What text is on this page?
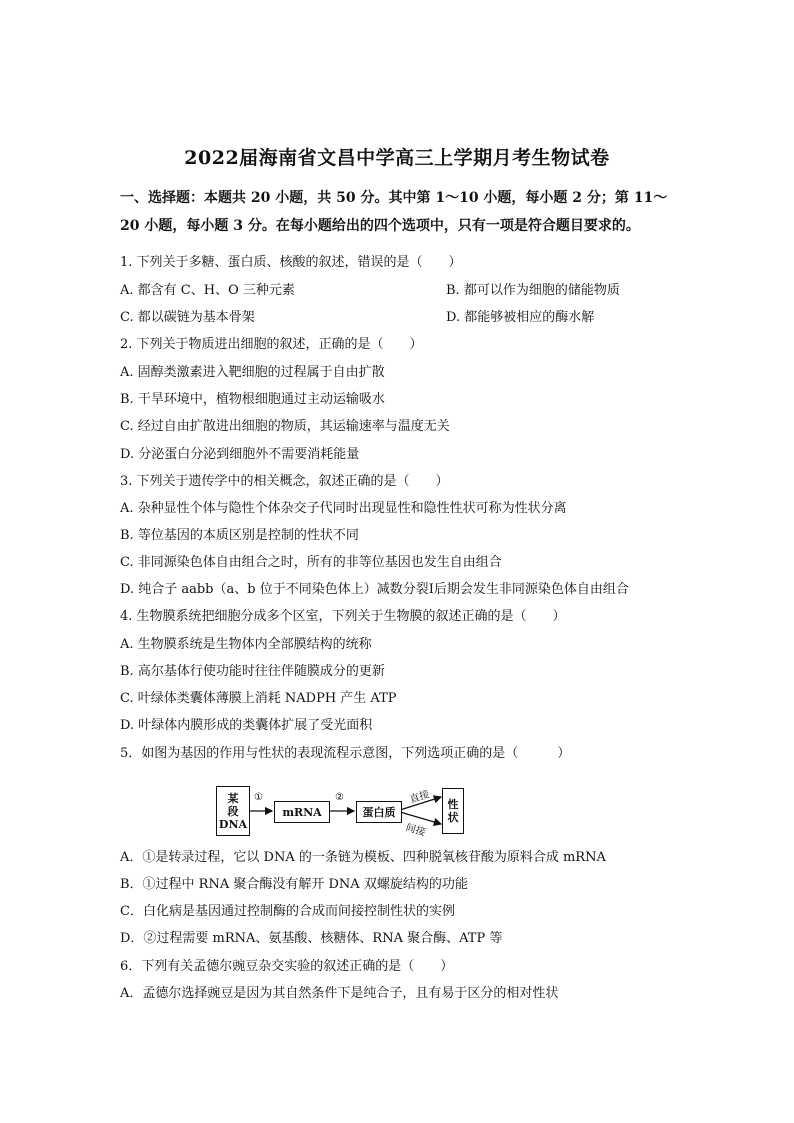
2022届海南省文昌中学高三上学期月考生物试卷
一、选择题：本题共 20 小题，共 50 分。其中第 1～10 小题，每小题 2 分；第 11～20 小题，每小题 3 分。在每小题给出的四个选项中，只有一项是符合题目要求的。
1. 下列关于多糖、蛋白质、核酸的叙述，错误的是（　　）
A. 都含有 C、H、O 三种元素	B. 都可以作为细胞的储能物质
C. 都以碳链为基本骨架	D. 都能够被相应的酶水解
2. 下列关于物质进出细胞的叙述，正确的是（　　）
A. 固醇类激素进入靶细胞的过程属于自由扩散
B. 干旱环境中，植物根细胞通过主动运输吸水
C. 经过自由扩散进出细胞的物质，其运输速率与温度无关
D. 分泌蛋白分泌到细胞外不需要消耗能量
3. 下列关于遗传学中的相关概念，叙述正确的是（　　）
A. 杂种显性个体与隐性个体杂交子代同时出现显性和隐性性状可称为性状分离
B. 等位基因的本质区别是控制的性状不同
C. 非同源染色体自由组合之时，所有的非等位基因也发生自由组合
D. 纯合子 aabb（a、b 位于不同染色体上）减数分裂Ⅰ后期会发生非同源染色体自由组合
4. 生物膜系统把细胞分成多个区室，下列关于生物膜的叙述正确的是（　　）
A. 生物膜系统是生物体内全部膜结构的统称
B. 高尔基体行使功能时往往伴随膜成分的更新
C. 叶绿体类囊体薄膜上消耗 NADPH 产生 ATP
D. 叶绿体内膜形成的类囊体扩展了受光面积
5．如图为基因的作用与性状的表现流程示意图，下列选项正确的是（　　　）
某
段
DNA
①
mRNA
②
蛋白质
直接
间接
性
状
A．①是转录过程，它以 DNA 的一条链为模板、四种脱氧核苷酸为原料合成 mRNA
B．①过程中 RNA 聚合酶没有解开 DNA 双螺旋结构的功能
C．白化病是基因通过控制酶的合成而间接控制性状的实例
D．②过程需要 mRNA、氨基酸、核糖体、RNA 聚合酶、ATP 等
6．下列有关孟德尔豌豆杂交实验的叙述正确的是（　　）
A．孟德尔选择豌豆是因为其自然条件下是纯合子，且有易于区分的相对性状
